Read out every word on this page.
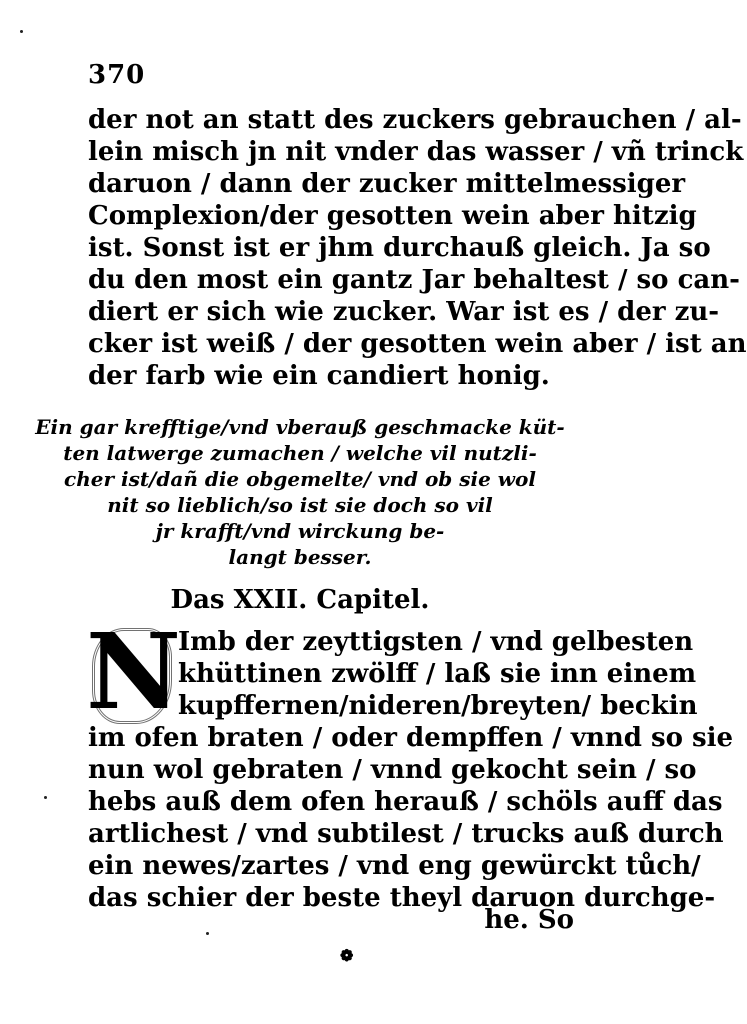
370
der not an statt des zuckers gebrauchen / al-
lein misch jn nit vnder das wasser / vñ trinck
daruon / dann der zucker mittelmessiger
Complexion/der gesotten wein aber hitzig
ist. Sonst ist er jhm durchauß gleich. Ja so
du den most ein gantz Jar behaltest / so can-
diert er sich wie zucker. War ist es / der zu-
cker ist weiß / der gesotten wein aber / ist an
der farb wie ein candiert honig.
Ein gar krefftige/vnd vberauß geschmacke küt-
ten latwerge zumachen / welche vil nutzli-
cher ist/dañ die obgemelte/ vnd ob sie wol
nit so lieblich/so ist sie doch so vil
jr krafft/vnd wirckung be-
langt besser.
Das XXII. Capitel.
N
Imb der zeyttigsten / vnd gelbesten
khüttinen zwölff / laß sie inn einem
kupffernen/nideren/breyten/ beckin
im ofen braten / oder dempffen / vnnd so sie
nun wol gebraten / vnnd gekocht sein / so
hebs auß dem ofen herauß / schöls auff das
artlichest / vnd subtilest / trucks auß durch
ein newes/zartes / vnd eng gewürckt tůch/
das schier der beste theyl daruon durchge-
he. So
❁
